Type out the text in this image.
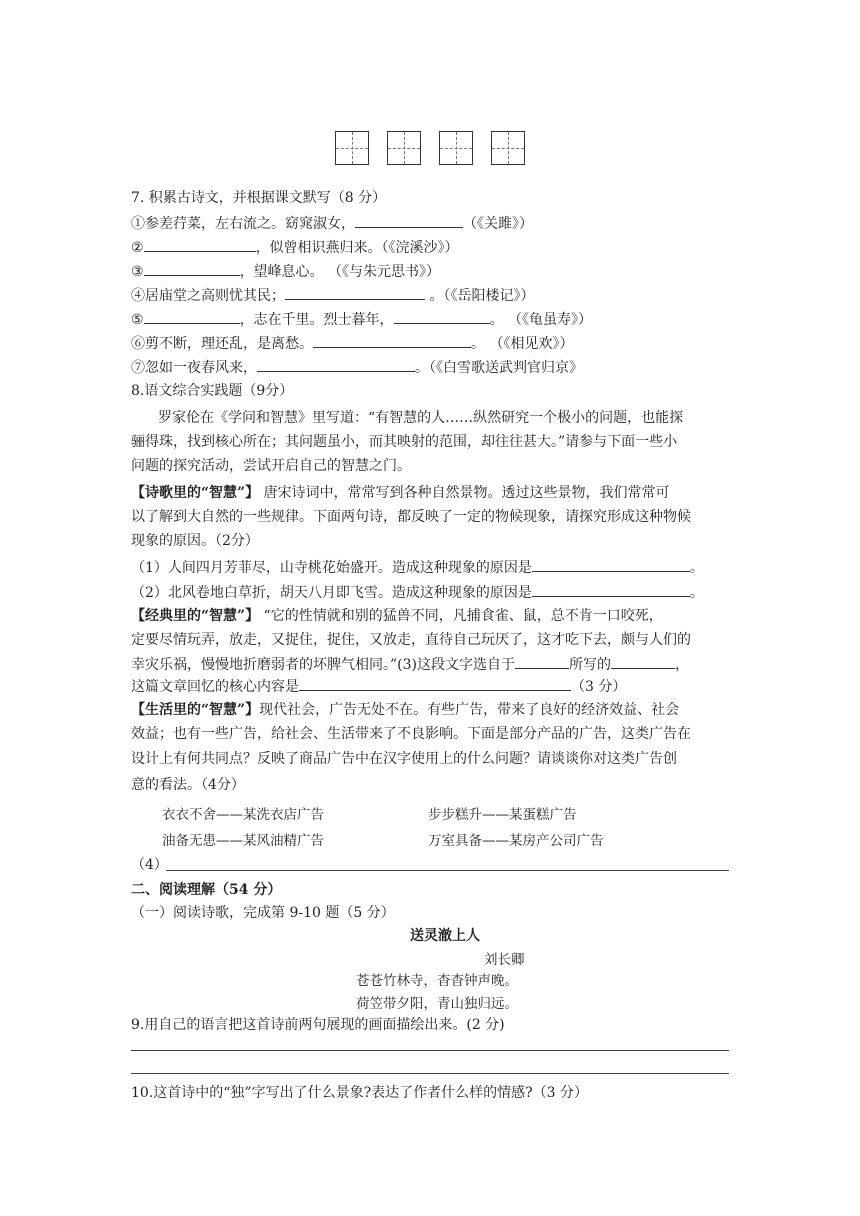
7. 积累古诗文，并根据课文默写（8 分）
①参差荇菜，左右流之。窈窕淑女，	（《关雎》）
②	，似曾相识燕归来。（《浣溪沙》）
③	，望峰息心。 （《与朱元思书》）
④居庙堂之高则忧其民；	。（《岳阳楼记》）
⑤	，志在千里。烈士暮年，	。 （《龟虽寿》）
⑥剪不断，理还乱，是离愁。	。 （《相见欢》）
⑦忽如一夜春风来，	。（《白雪歌送武判官归京》
8.语文综合实践题（9分）
罗家伦在《学问和智慧》里写道：“有智慧的人……纵然研究一个极小的问题，也能探
骊得珠，找到核心所在；其问题虽小，而其映射的范围，却往往甚大。”请参与下面一些小
问题的探究活动，尝试开启自己的智慧之门。
【诗歌里的“智慧”】 唐宋诗词中，常常写到各种自然景物。透过这些景物，我们常常可
以了解到大自然的一些规律。下面两句诗，都反映了一定的物候现象，请探究形成这种物候
现象的原因。（2分）
（1）人间四月芳菲尽，山寺桃花始盛开。造成这种现象的原因是	。
（2）北风卷地白草折，胡天八月即飞雪。造成这种现象的原因是	。
【经典里的“智慧”】 “它的性情就和别的猛兽不同，凡捕食雀、鼠，总不肯一口咬死，
定要尽情玩弄，放走，又捉住，捉住，又放走，直待自己玩厌了，这才吃下去，颇与人们的
幸灾乐祸，慢慢地折磨弱者的坏脾气相同。”(3)这段文字选自于	所写的	，
这篇文章回忆的核心内容是	（3 分）
【生活里的“智慧”】现代社会，广告无处不在。有些广告，带来了良好的经济效益、社会
效益；也有一些广告，给社会、生活带来了不良影响。下面是部分产品的广告，这类广告在
设计上有何共同点？反映了商品广告中在汉字使用上的什么问题？请谈谈你对这类广告创
意的看法。（4分）
衣衣不舍——某洗衣店广告	步步糕升——某蛋糕广告
油备无患——某风油精广告	万室具备——某房产公司广告
（4）
二、阅读理解（54 分）
（一）阅读诗歌，完成第 9-10 题（5 分）
送灵澈上人
刘长卿
苍苍竹林寺，杳杳钟声晚。
荷笠带夕阳，青山独归远。
9.用自己的语言把这首诗前两句展现的画面描绘出来。(2 分)
10.这首诗中的“独”字写出了什么景象?表达了作者什么样的情感?（3 分）
